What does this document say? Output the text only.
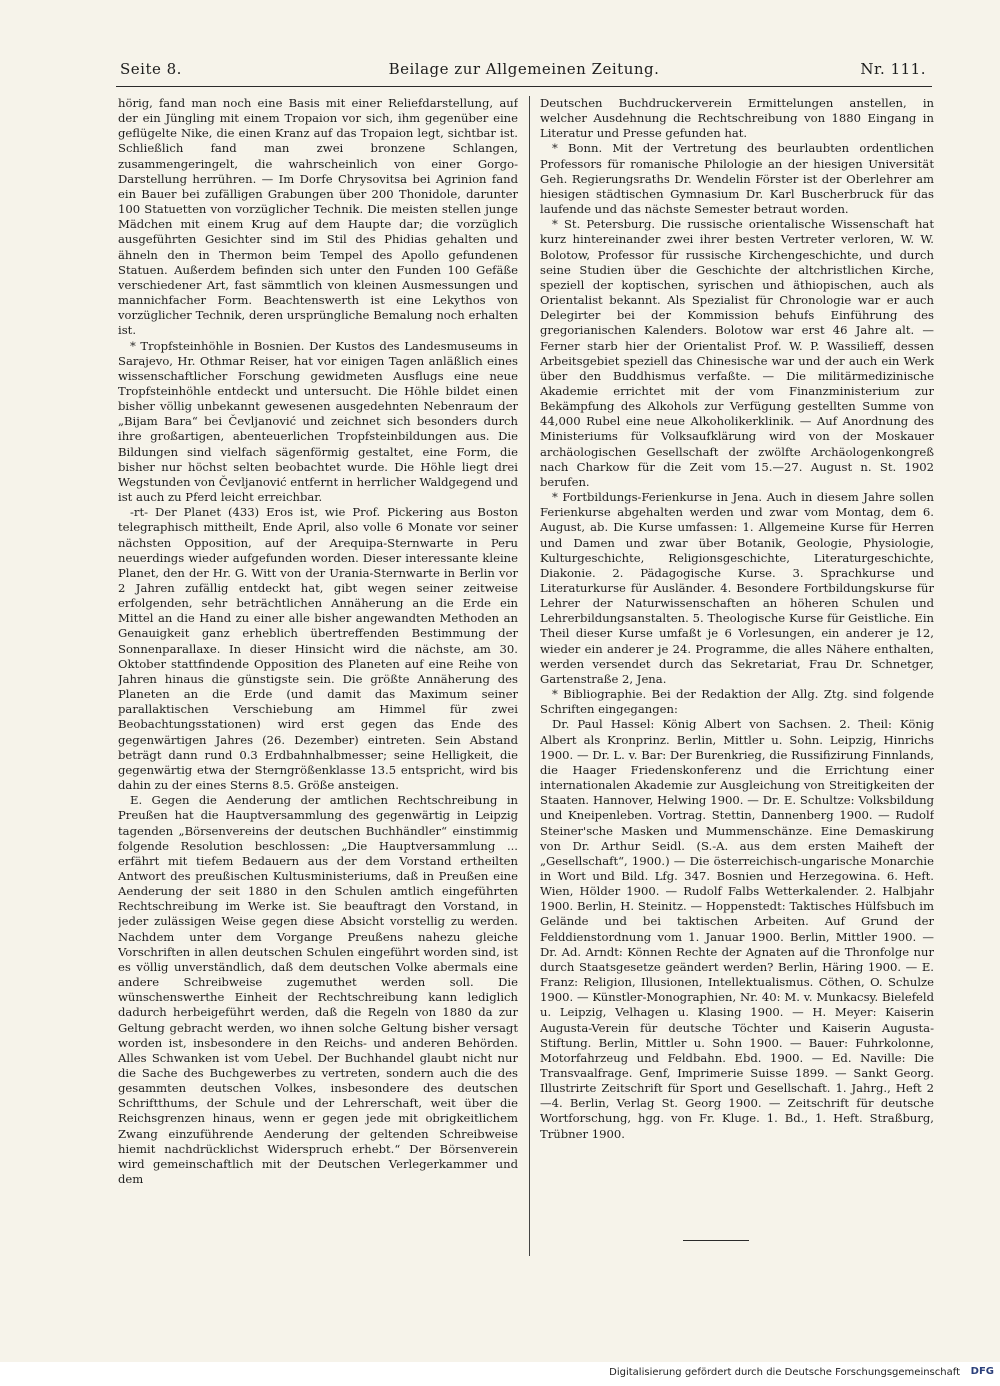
Seite 8.	Beilage zur Allgemeinen Zeitung.	Nr. 111.

hörig, fand man noch eine Basis mit einer Reliefdarstellung, auf der ein Jüngling mit einem Tropaion vor sich, ihm gegenüber eine geflügelte Nike, die einen Kranz auf das Tropaion legt, sichtbar ist. Schließlich fand man zwei bronzene Schlangen, zusammengeringelt, die wahrscheinlich von einer Gorgo-Darstellung herrühren. — Im Dorfe Chrysovitsa bei Agrinion fand ein Bauer bei zufälligen Grabungen über 200 Thonidole, darunter 100 Statuetten von vorzüglicher Technik. Die meisten stellen junge Mädchen mit einem Krug auf dem Haupte dar; die vorzüglich ausgeführten Gesichter sind im Stil des Phidias gehalten und ähneln den in Thermon beim Tempel des Apollo gefundenen Statuen. Außerdem befinden sich unter den Funden 100 Gefäße verschiedener Art, fast sämmtlich von kleinen Ausmessungen und mannichfacher Form. Beachtenswerth ist eine Lekythos von vorzüglicher Technik, deren ursprüngliche Bemalung noch erhalten ist.

* Tropfsteinhöhle in Bosnien. Der Kustos des Landesmuseums in Sarajevo, Hr. Othmar Reiser, hat vor einigen Tagen anläßlich eines wissenschaftlicher Forschung gewidmeten Ausflugs eine neue Tropfsteinhöhle entdeckt und untersucht. Die Höhle bildet einen bisher völlig unbekannt gewesenen ausgedehnten Nebenraum der „Bijam Bara“ bei Čevljanović und zeichnet sich besonders durch ihre großartigen, abenteuerlichen Tropfsteinbildungen aus. Die Bildungen sind vielfach sägenförmig gestaltet, eine Form, die bisher nur höchst selten beobachtet wurde. Die Höhle liegt drei Wegstunden von Čevljanović entfernt in herrlicher Waldgegend und ist auch zu Pferd leicht erreichbar.

-rt- Der Planet (433) Eros ist, wie Prof. Pickering aus Boston telegraphisch mittheilt, Ende April, also volle 6 Monate vor seiner nächsten Opposition, auf der Arequipa-Sternwarte in Peru neuerdings wieder aufgefunden worden. Dieser interessante kleine Planet, den der Hr. G. Witt von der Urania-Sternwarte in Berlin vor 2 Jahren zufällig entdeckt hat, gibt wegen seiner zeitweise erfolgenden, sehr beträchtlichen Annäherung an die Erde ein Mittel an die Hand zu einer alle bisher angewandten Methoden an Genauigkeit ganz erheblich übertreffenden Bestimmung der Sonnenparallaxe. In dieser Hinsicht wird die nächste, am 30. Oktober stattfindende Opposition des Planeten auf eine Reihe von Jahren hinaus die günstigste sein. Die größte Annäherung des Planeten an die Erde (und damit das Maximum seiner parallaktischen Verschiebung am Himmel für zwei Beobachtungsstationen) wird erst gegen das Ende des gegenwärtigen Jahres (26. Dezember) eintreten. Sein Abstand beträgt dann rund 0.3 Erdbahnhalbmesser; seine Helligkeit, die gegenwärtig etwa der Sterngrößenklasse 13.5 entspricht, wird bis dahin zu der eines Sterns 8.5. Größe ansteigen.

E. Gegen die Aenderung der amtlichen Rechtschreibung in Preußen hat die Hauptversammlung des gegenwärtig in Leipzig tagenden „Börsenvereins der deutschen Buchhändler“ einstimmig folgende Resolution beschlossen: „Die Hauptversammlung ... erfährt mit tiefem Bedauern aus der dem Vorstand ertheilten Antwort des preußischen Kultusministeriums, daß in Preußen eine Aenderung der seit 1880 in den Schulen amtlich eingeführten Rechtschreibung im Werke ist. Sie beauftragt den Vorstand, in jeder zulässigen Weise gegen diese Absicht vorstellig zu werden. Nachdem unter dem Vorgange Preußens nahezu gleiche Vorschriften in allen deutschen Schulen eingeführt worden sind, ist es völlig unverständlich, daß dem deutschen Volke abermals eine andere Schreibweise zugemuthet werden soll. Die wünschenswerthe Einheit der Rechtschreibung kann lediglich dadurch herbeigeführt werden, daß die Regeln von 1880 da zur Geltung gebracht werden, wo ihnen solche Geltung bisher versagt worden ist, insbesondere in den Reichs- und anderen Behörden. Alles Schwanken ist vom Uebel. Der Buchhandel glaubt nicht nur die Sache des Buchgewerbes zu vertreten, sondern auch die des gesammten deutschen Volkes, insbesondere des deutschen Schriftthums, der Schule und der Lehrerschaft, weit über die Reichsgrenzen hinaus, wenn er gegen jede mit obrigkeitlichem Zwang einzuführende Aenderung der geltenden Schreibweise hiemit nachdrücklichst Widerspruch erhebt.“ Der Börsenverein wird gemeinschaftlich mit der Deutschen Verlegerkammer und dem

Deutschen Buchdruckerverein Ermittelungen anstellen, in welcher Ausdehnung die Rechtschreibung von 1880 Eingang in Literatur und Presse gefunden hat.

* Bonn. Mit der Vertretung des beurlaubten ordentlichen Professors für romanische Philologie an der hiesigen Universität Geh. Regierungsraths Dr. Wendelin Förster ist der Oberlehrer am hiesigen städtischen Gymnasium Dr. Karl Buscherbruck für das laufende und das nächste Semester betraut worden.

* St. Petersburg. Die russische orientalische Wissenschaft hat kurz hintereinander zwei ihrer besten Vertreter verloren, W. W. Bolotow, Professor für russische Kirchengeschichte, und durch seine Studien über die Geschichte der altchristlichen Kirche, speziell der koptischen, syrischen und äthiopischen, auch als Orientalist bekannt. Als Spezialist für Chronologie war er auch Delegirter bei der Kommission behufs Einführung des gregorianischen Kalenders. Bolotow war erst 46 Jahre alt. — Ferner starb hier der Orientalist Prof. W. P. Wassilieff, dessen Arbeitsgebiet speziell das Chinesische war und der auch ein Werk über den Buddhismus verfaßte. — Die militärmedizinische Akademie errichtet mit der vom Finanzministerium zur Bekämpfung des Alkohols zur Verfügung gestellten Summe von 44,000 Rubel eine neue Alkoholikerklinik. — Auf Anordnung des Ministeriums für Volksaufklärung wird von der Moskauer archäologischen Gesellschaft der zwölfte Archäologenkongreß nach Charkow für die Zeit vom 15.—27. August n. St. 1902 berufen.

* Fortbildungs-Ferienkurse in Jena. Auch in diesem Jahre sollen Ferienkurse abgehalten werden und zwar vom Montag, dem 6. August, ab. Die Kurse umfassen: 1. Allgemeine Kurse für Herren und Damen und zwar über Botanik, Geologie, Physiologie, Kulturgeschichte, Religionsgeschichte, Literaturgeschichte, Diakonie. 2. Pädagogische Kurse. 3. Sprachkurse und Literaturkurse für Ausländer. 4. Besondere Fortbildungskurse für Lehrer der Naturwissenschaften an höheren Schulen und Lehrerbildungsanstalten. 5. Theologische Kurse für Geistliche. Ein Theil dieser Kurse umfaßt je 6 Vorlesungen, ein anderer je 12, wieder ein anderer je 24. Programme, die alles Nähere enthalten, werden versendet durch das Sekretariat, Frau Dr. Schnetger, Gartenstraße 2, Jena.

* Bibliographie. Bei der Redaktion der Allg. Ztg. sind folgende Schriften eingegangen:

Dr. Paul Hassel: König Albert von Sachsen. 2. Theil: König Albert als Kronprinz. Berlin, Mittler u. Sohn. Leipzig, Hinrichs 1900. — Dr. L. v. Bar: Der Burenkrieg, die Russifizirung Finnlands, die Haager Friedenskonferenz und die Errichtung einer internationalen Akademie zur Ausgleichung von Streitigkeiten der Staaten. Hannover, Helwing 1900. — Dr. E. Schultze: Volksbildung und Kneipenleben. Vortrag. Stettin, Dannenberg 1900. — Rudolf Steiner'sche Masken und Mummenschänze. Eine Demaskirung von Dr. Arthur Seidl. (S.-A. aus dem ersten Maiheft der „Gesellschaft“, 1900.) — Die österreichisch-ungarische Monarchie in Wort und Bild. Lfg. 347. Bosnien und Herzegowina. 6. Heft. Wien, Hölder 1900. — Rudolf Falbs Wetterkalender. 2. Halbjahr 1900. Berlin, H. Steinitz. — Hoppenstedt: Taktisches Hülfsbuch im Gelände und bei taktischen Arbeiten. Auf Grund der Felddienstordnung vom 1. Januar 1900. Berlin, Mittler 1900. — Dr. Ad. Arndt: Können Rechte der Agnaten auf die Thronfolge nur durch Staatsgesetze geändert werden? Berlin, Häring 1900. — E. Franz: Religion, Illusionen, Intellektualismus. Cöthen, O. Schulze 1900. — Künstler-Monographien, Nr. 40: M. v. Munkacsy. Bielefeld u. Leipzig, Velhagen u. Klasing 1900. — H. Meyer: Kaiserin Augusta-Verein für deutsche Töchter und Kaiserin Augusta-Stiftung. Berlin, Mittler u. Sohn 1900. — Bauer: Fuhrkolonne, Motorfahrzeug und Feldbahn. Ebd. 1900. — Ed. Naville: Die Transvaalfrage. Genf, Imprimerie Suisse 1899. — Sankt Georg. Illustrirte Zeitschrift für Sport und Gesellschaft. 1. Jahrg., Heft 2—4. Berlin, Verlag St. Georg 1900. — Zeitschrift für deutsche Wortforschung, hgg. von Fr. Kluge. 1. Bd., 1. Heft. Straßburg, Trübner 1900.

Digitalisierung gefördert durch die Deutsche Forschungsgemeinschaft DFG
